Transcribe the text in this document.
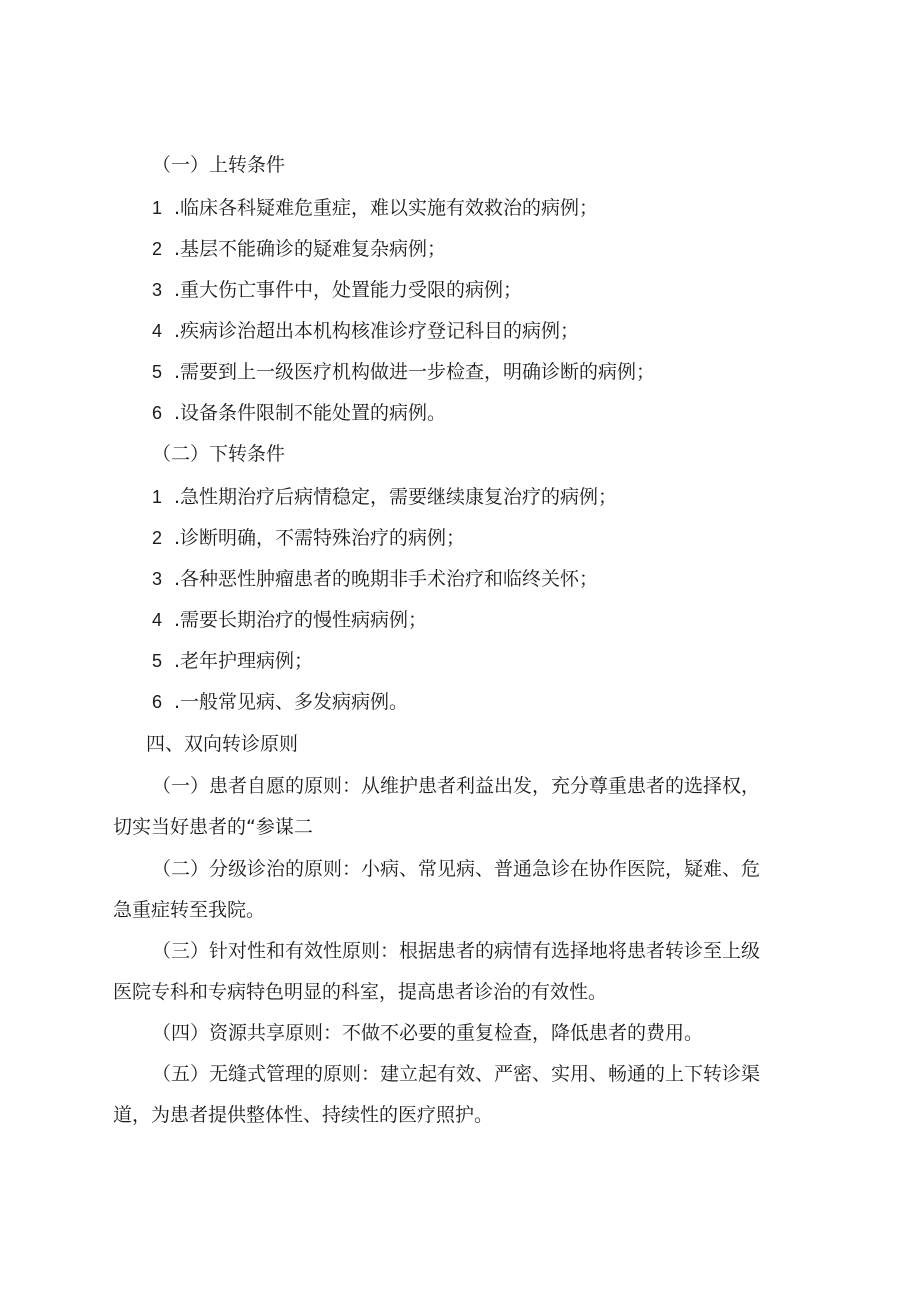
（一）上转条件
1 .临床各科疑难危重症，难以实施有效救治的病例；
2 .基层不能确诊的疑难复杂病例；
3 .重大伤亡事件中，处置能力受限的病例；
4 .疾病诊治超出本机构核准诊疗登记科目的病例；
5 .需要到上一级医疗机构做进一步检查，明确诊断的病例；
6 .设备条件限制不能处置的病例。
（二）下转条件
1 .急性期治疗后病情稳定，需要继续康复治疗的病例；
2 .诊断明确，不需特殊治疗的病例；
3 .各种恶性肿瘤患者的晚期非手术治疗和临终关怀；
4 .需要长期治疗的慢性病病例；
5 .老年护理病例；
6 .一般常见病、多发病病例。
四、双向转诊原则
（一）患者自愿的原则：从维护患者利益出发，充分尊重患者的选择权，
切实当好患者的“参谋二
（二）分级诊治的原则：小病、常见病、普通急诊在协作医院，疑难、危
急重症转至我院。
（三）针对性和有效性原则：根据患者的病情有选择地将患者转诊至上级
医院专科和专病特色明显的科室，提高患者诊治的有效性。
（四）资源共享原则：不做不必要的重复检查，降低患者的费用。
（五）无缝式管理的原则：建立起有效、严密、实用、畅通的上下转诊渠
道，为患者提供整体性、持续性的医疗照护。
